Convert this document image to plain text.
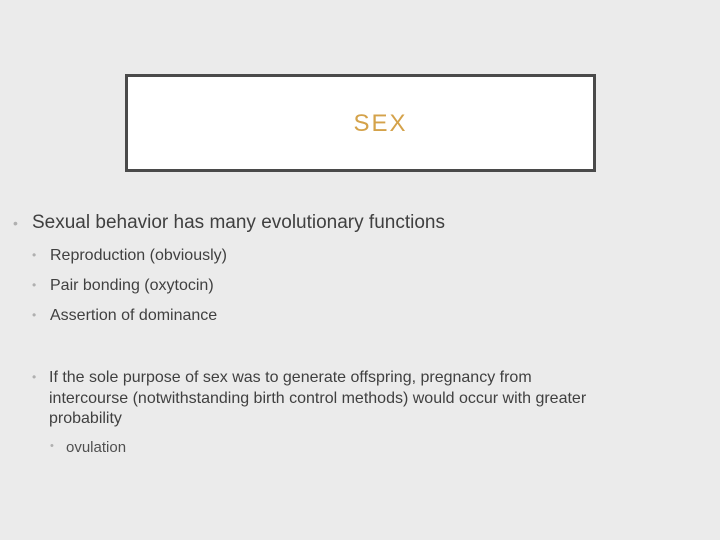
SEX
• Sexual behavior has many evolutionary functions
• Reproduction (obviously)
• Pair bonding (oxytocin)
• Assertion of dominance
• If the sole purpose of sex was to generate offspring, pregnancy from
intercourse (notwithstanding birth control methods) would occur with greater
probability
• ovulation
